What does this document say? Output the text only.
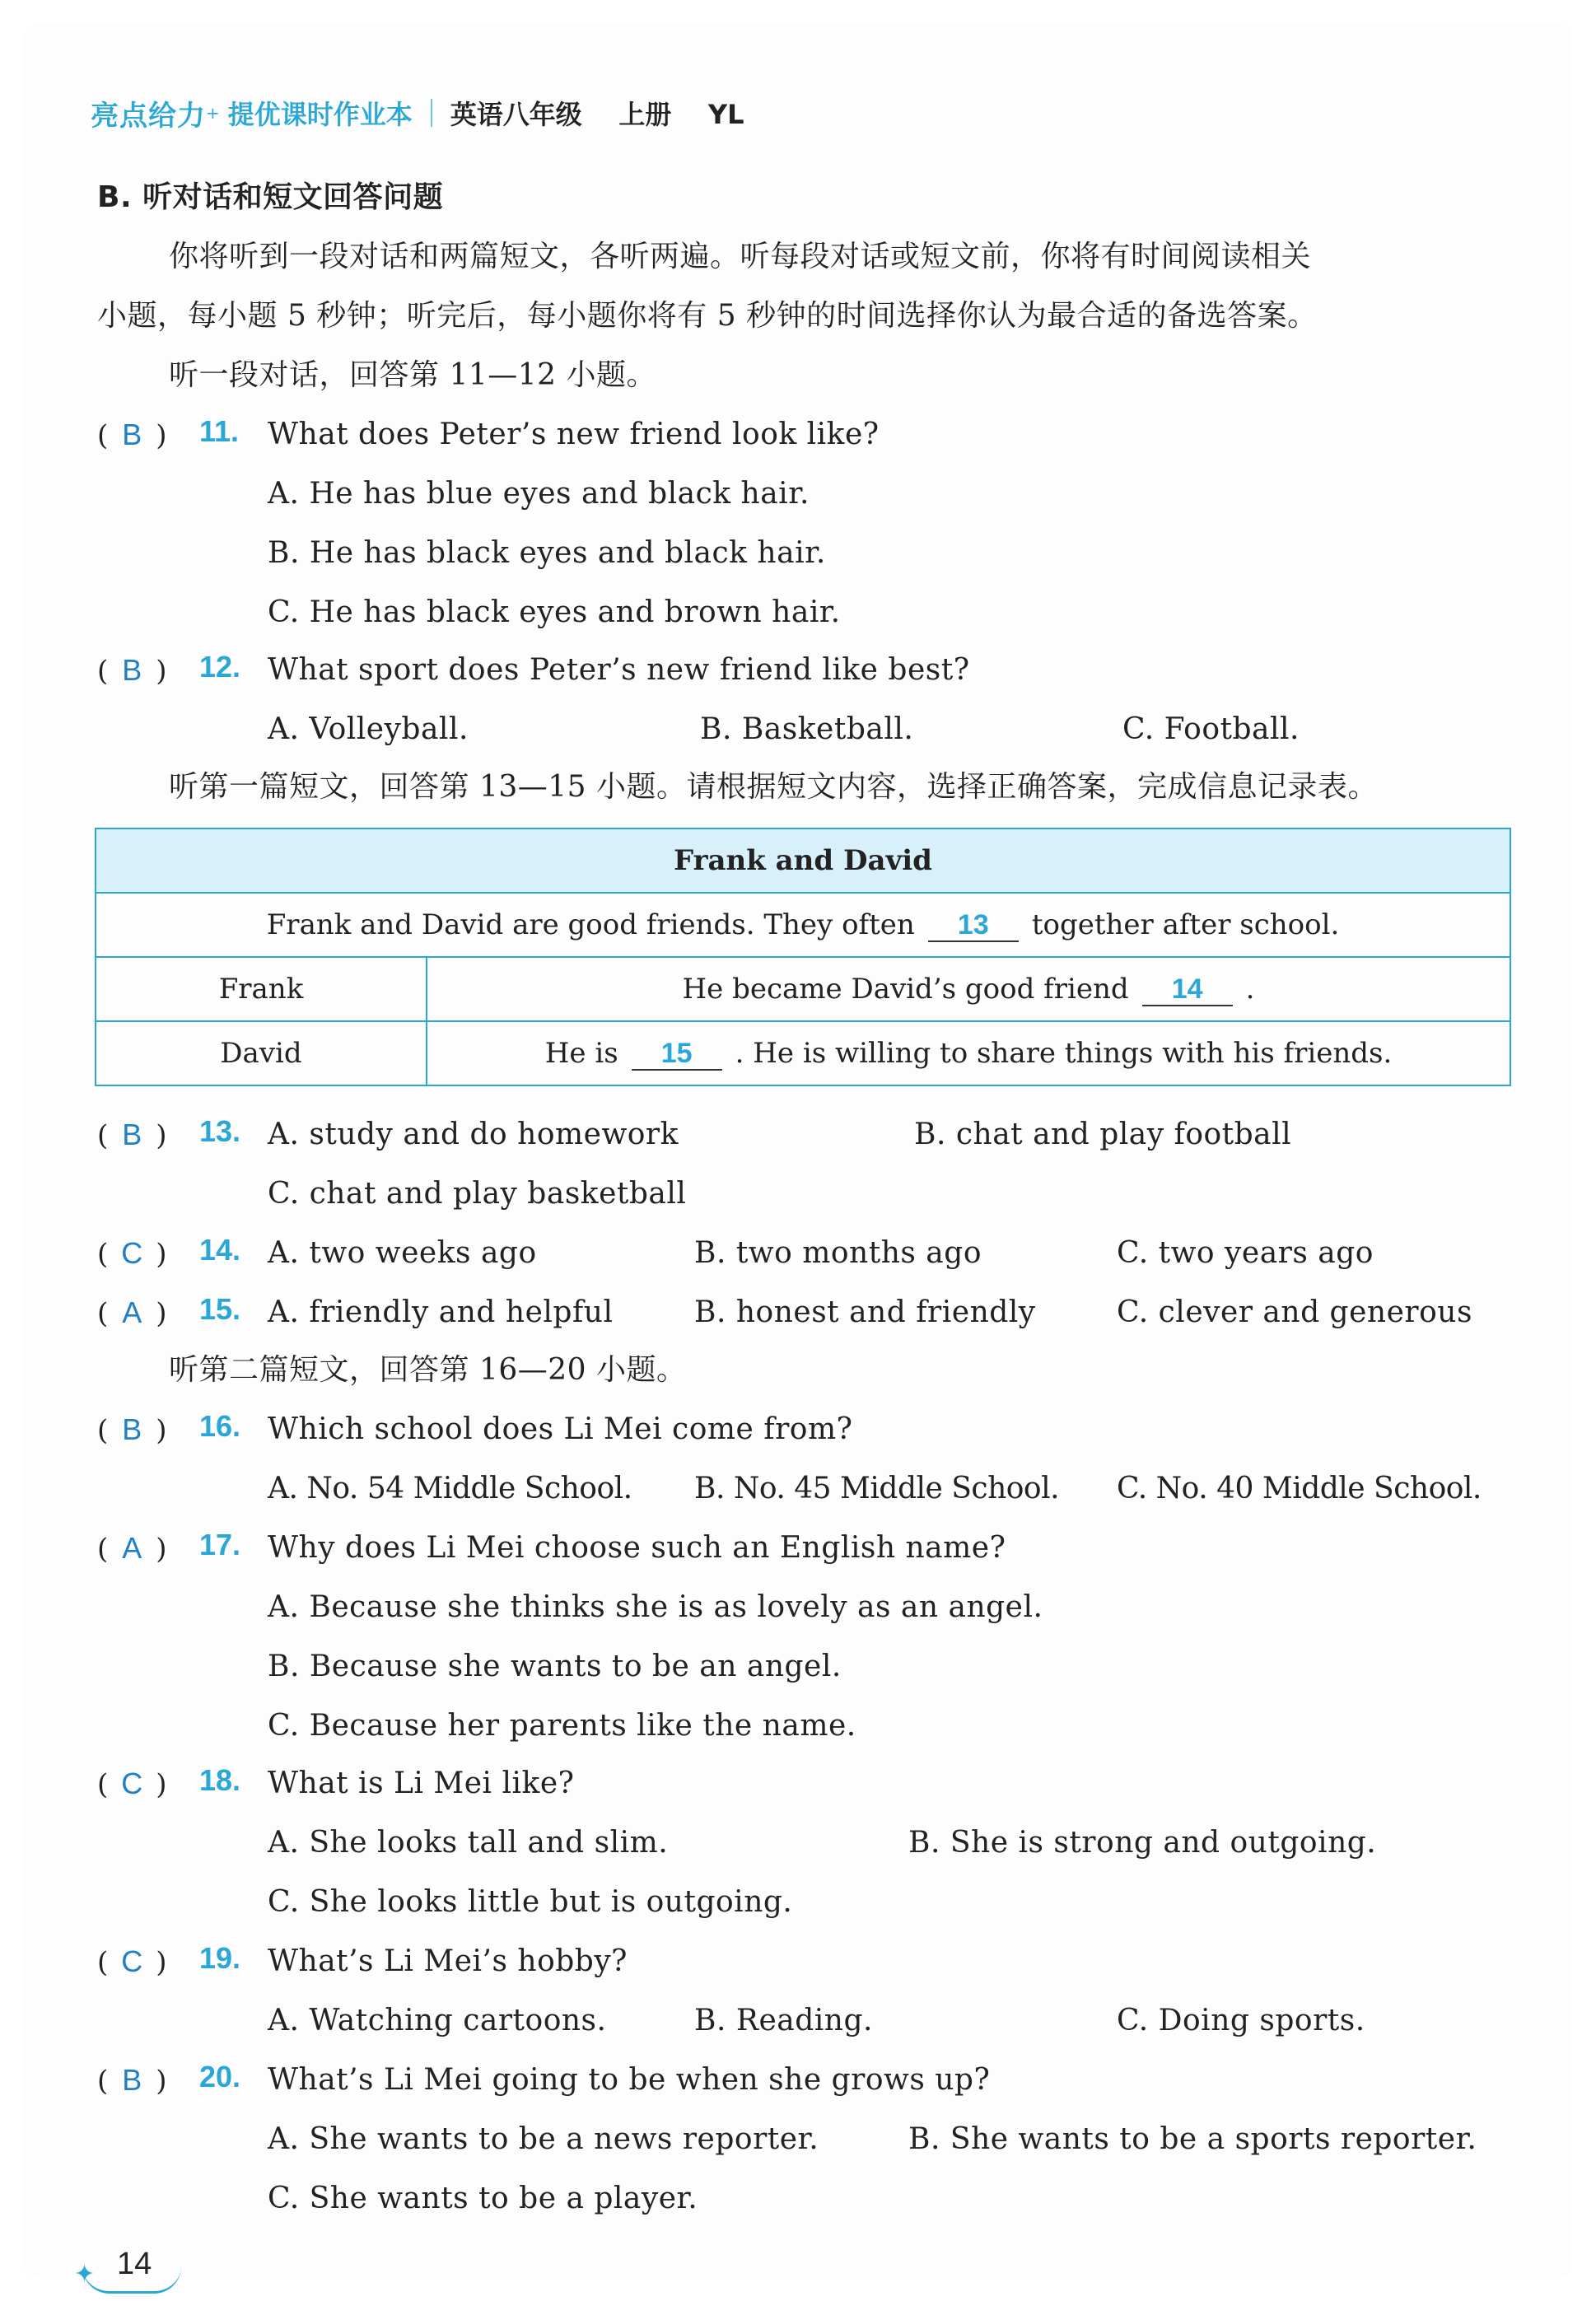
亮点给力 + 提优课时作业本 英语八年级    上册    YL
B. 听对话和短文回答问题
你将听到一段对话和两篇短文，各听两遍。听每段对话或短文前，你将有时间阅读相关
小题，每小题 5 秒钟；听完后，每小题你将有 5 秒钟的时间选择你认为最合适的备选答案。
听一段对话，回答第 11—12 小题。
( B ) 11. What does Peter’s new friend look like?
A. He has blue eyes and black hair.
B. He has black eyes and black hair.
C. He has black eyes and brown hair.
( B ) 12. What sport does Peter’s new friend like best?
A. Volleyball.	B. Basketball.	C. Football.
听第一篇短文，回答第 13—15 小题。请根据短文内容，选择正确答案，完成信息记录表。
Frank and David	
Frank and David are good friends. They often 13 together after school.	
Frank	He became David’s good friend 14 .
David	He is 15 . He is willing to share things with his friends.
( B ) 13. A. study and do homework	B. chat and play football
C. chat and play basketball
( C ) 14. A. two weeks ago	B. two months ago	C. two years ago
( A ) 15. A. friendly and helpful	B. honest and friendly	C. clever and generous
听第二篇短文，回答第 16—20 小题。
( B ) 16. Which school does Li Mei come from?
A. No. 54 Middle School. B. No. 45 Middle School. C. No. 40 Middle School.
( A ) 17. Why does Li Mei choose such an English name?
A. Because she thinks she is as lovely as an angel.
B. Because she wants to be an angel.
C. Because her parents like the name.
( C ) 18. What is Li Mei like?
A. She looks tall and slim.	B. She is strong and outgoing.
C. She looks little but is outgoing.
( C ) 19. What’s Li Mei’s hobby?
A. Watching cartoons.	B. Reading.	C. Doing sports.
( B ) 20. What’s Li Mei going to be when she grows up?
A. She wants to be a news reporter.	B. She wants to be a sports reporter.
C. She wants to be a player.
✦ 14
